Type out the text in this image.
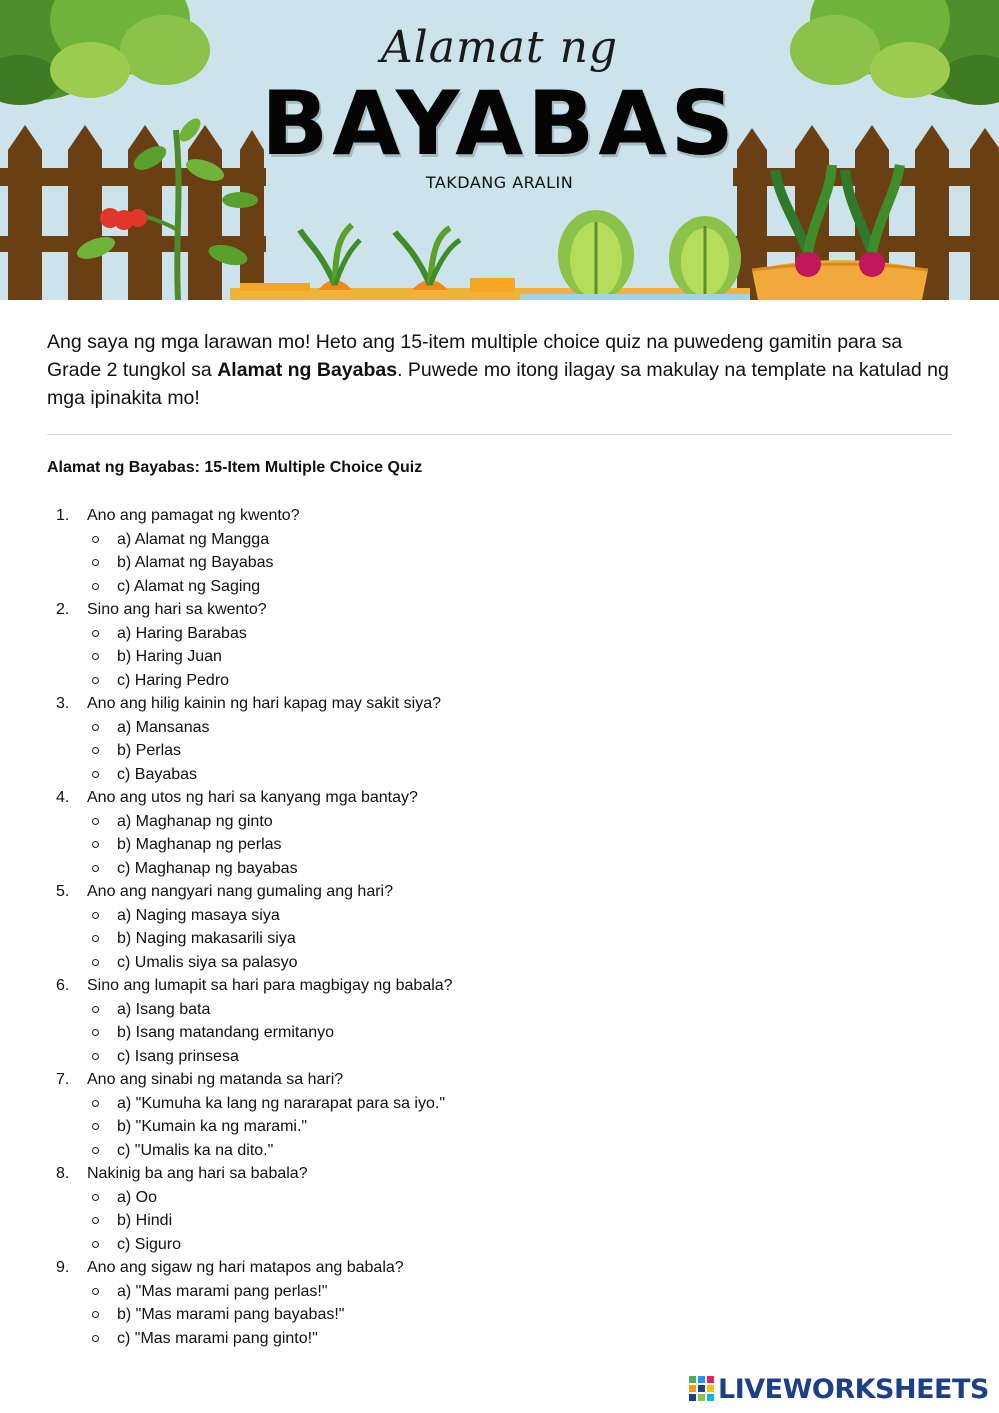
Alamat ng
BAYABAS
TAKDANG ARALIN

Ang saya ng mga larawan mo! Heto ang 15-item multiple choice quiz na puwedeng gamitin para sa Grade 2 tungkol sa Alamat ng Bayabas. Puwede mo itong ilagay sa makulay na template na katulad ng mga ipinakita mo!

Alamat ng Bayabas: 15-Item Multiple Choice Quiz
1.	Ano ang pamagat ng kwento?
a) Alamat ng Mangga
b) Alamat ng Bayabas
c) Alamat ng Saging
2.	Sino ang hari sa kwento?
a) Haring Barabas
b) Haring Juan
c) Haring Pedro
3.	Ano ang hilig kainin ng hari kapag may sakit siya?
a) Mansanas
b) Perlas
c) Bayabas
4.	Ano ang utos ng hari sa kanyang mga bantay?
a) Maghanap ng ginto
b) Maghanap ng perlas
c) Maghanap ng bayabas
5.	Ano ang nangyari nang gumaling ang hari?
a) Naging masaya siya
b) Naging makasarili siya
c) Umalis siya sa palasyo
6.	Sino ang lumapit sa hari para magbigay ng babala?
a) Isang bata
b) Isang matandang ermitanyo
c) Isang prinsesa
7.	Ano ang sinabi ng matanda sa hari?
a) "Kumuha ka lang ng nararapat para sa iyo."
b) "Kumain ka ng marami."
c) "Umalis ka na dito."
8.	Nakinig ba ang hari sa babala?
a) Oo
b) Hindi
c) Siguro
9.	Ano ang sigaw ng hari matapos ang babala?
a) "Mas marami pang perlas!"
b) "Mas marami pang bayabas!"
c) "Mas marami pang ginto!"
LIVEWORKSHEETS
